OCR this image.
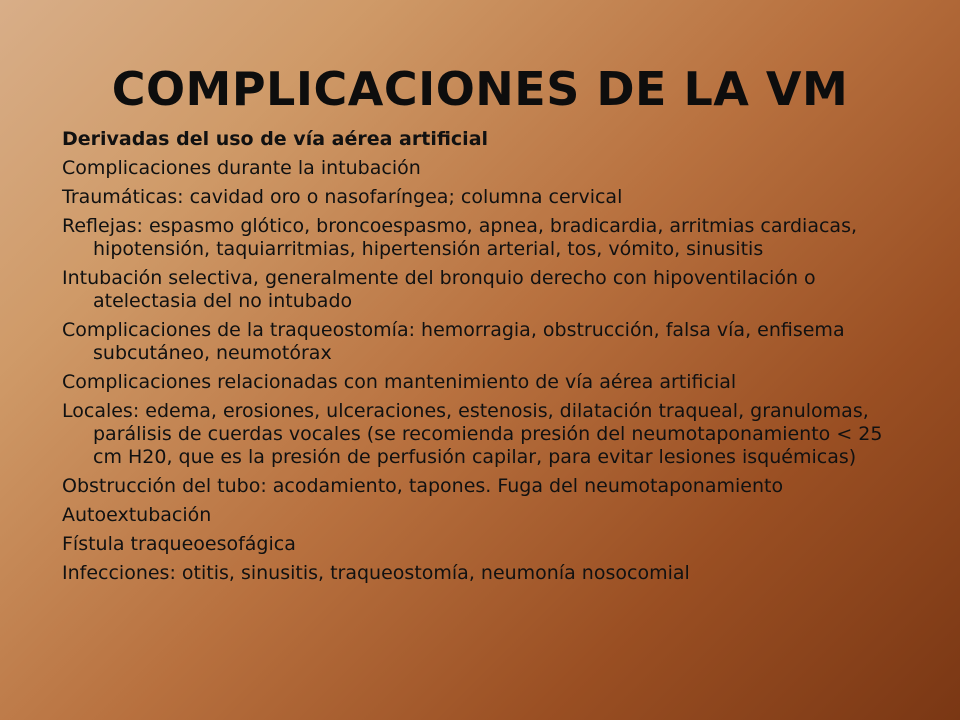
COMPLICACIONES DE LA VM

Derivadas del uso de vía aérea artificial

Complicaciones durante la intubación

Traumáticas: cavidad oro o nasofaríngea; columna cervical

Reflejas: espasmo glótico, broncoespasmo, apnea, bradicardia, arritmias cardiacas, hipotensión, taquiarritmias, hipertensión arterial, tos, vómito, sinusitis

Intubación selectiva, generalmente del bronquio derecho con hipoventilación o atelectasia del no intubado

Complicaciones de la traqueostomía: hemorragia, obstrucción, falsa vía, enfisema subcutáneo, neumotórax

Complicaciones relacionadas con mantenimiento de vía aérea artificial

Locales: edema, erosiones, ulceraciones, estenosis, dilatación traqueal, granulomas, parálisis de cuerdas vocales (se recomienda presión del neumotaponamiento < 25 cm H20, que es la presión de perfusión capilar, para evitar lesiones isquémicas)

Obstrucción del tubo: acodamiento, tapones. Fuga del neumotaponamiento

Autoextubación

Fístula traqueoesofágica

Infecciones: otitis, sinusitis, traqueostomía, neumonía nosocomial
